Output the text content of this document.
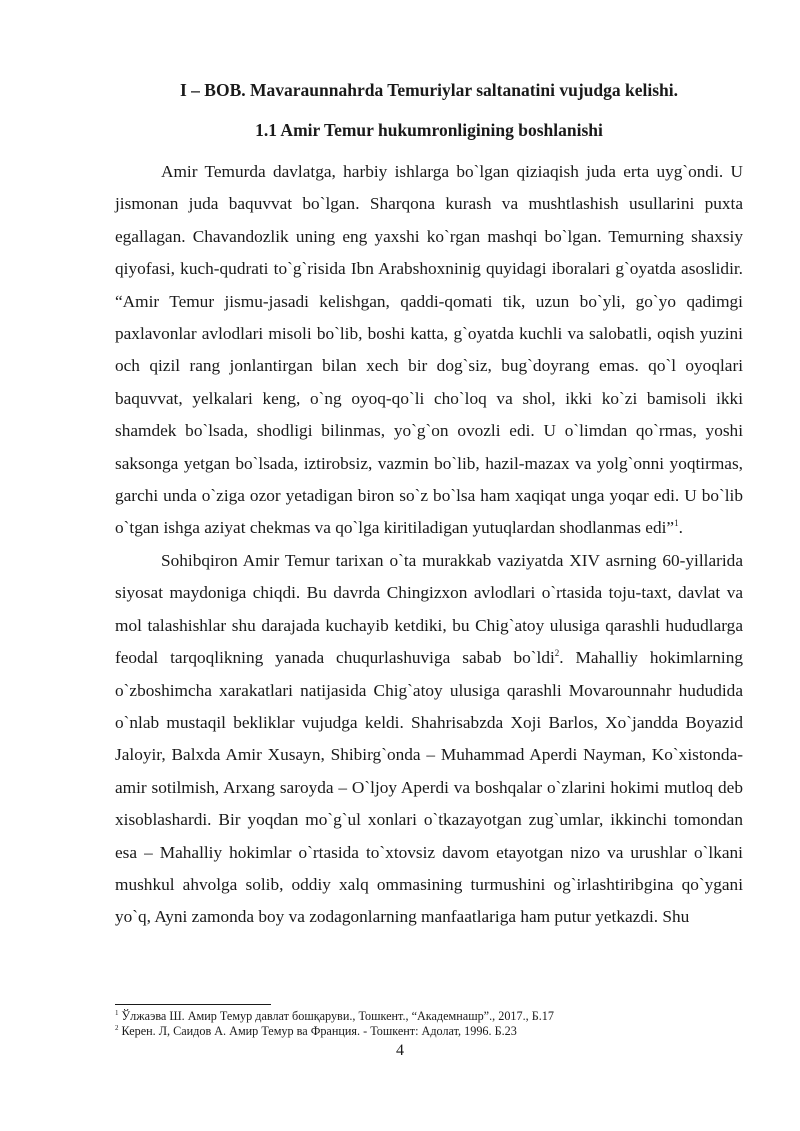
I – BOB. Mavaraunnahrda Temuriylar saltanatini vujudga kelishi.
1.1 Amir Temur hukumronligining boshlanishi

Amir Temurda davlatga, harbiy ishlarga bo`lgan qiziaqish juda erta uyg`ondi. U jismonan juda baquvvat bo`lgan. Sharqona kurash va mushtlashish usullarini puxta egallagan. Chavandozlik uning eng yaxshi ko`rgan mashqi bo`lgan. Temurning shaxsiy qiyofasi, kuch-qudrati to`g`risida Ibn Arabshoxninig quyidagi iboralari g`oyatda asoslidir. “Amir Temur jismu-jasadi kelishgan, qaddi-qomati tik, uzun bo`yli, go`yo qadimgi paxlavonlar avlodlari misoli bo`lib, boshi katta, g`oyatda kuchli va salobatli, oqish yuzini och qizil rang jonlantirgan bilan xech bir dog`siz, bug`doyrang emas. qo`l oyoqlari baquvvat, yelkalari keng, o`ng oyoq-qo`li cho`loq va shol, ikki ko`zi bamisoli ikki shamdek bo`lsada, shodligi bilinmas, yo`g`on ovozli edi. U o`limdan qo`rmas, yoshi saksonga yetgan bo`lsada, iztirobsiz, vazmin bo`lib, hazil-mazax va yolg`onni yoqtirmas, garchi unda o`ziga ozor yetadigan biron so`z bo`lsa ham xaqiqat unga yoqar edi. U bo`lib o`tgan ishga aziyat chekmas va qo`lga kiritiladigan yutuqlardan shodlanmas edi”$^1$.

Sohibqiron Amir Temur tarixan o`ta murakkab vaziyatda XIV asrning 60-yillarida siyosat maydoniga chiqdi. Bu davrda Chingizxon avlodlari o`rtasida toju-taxt, davlat va mol talashishlar shu darajada kuchayib ketdiki, bu Chig`atoy ulusiga qarashli hududlarga feodal tarqoqlikning yanada chuqurlashuviga sabab bo`ldi$^2$. Mahalliy hokimlarning o`zboshimcha xarakatlari natijasida Chig`atoy ulusiga qarashli Movarounnahr hududida o`nlab mustaqil bekliklar vujudga keldi. Shahrisabzda Xoji Barlos, Xo`jandda Boyazid Jaloyir, Balxda Amir Xusayn, Shibirg`onda – Muhammad Aperdi Nayman, Ko`xistonda-amir sotilmish, Arxang saroyda – O`ljoy Aperdi va boshqalar o`zlarini hokimi mutloq deb xisoblashardi. Bir yoqdan mo`g`ul xonlari o`tkazayotgan zug`umlar, ikkinchi tomondan esa – Mahalliy hokimlar o`rtasida to`xtovsiz davom etayotgan nizo va urushlar o`lkani mushkul ahvolga solib, oddiy xalq ommasining turmushini og`irlashtiribgina qo`ygani yo`q, Ayni zamonda boy va zodagonlarning manfaatlariga ham putur yetkazdi. Shu

$^1$ Ўлжаэва Ш. Амир Темур давлат бошқаруви., Тошкент., “Академнашр”., 2017., Б.17

$^2$ Керен. Л, Саидов А. Амир Темур ва Франция. - Тошкент: Адолат, 1996. Б.23

4
